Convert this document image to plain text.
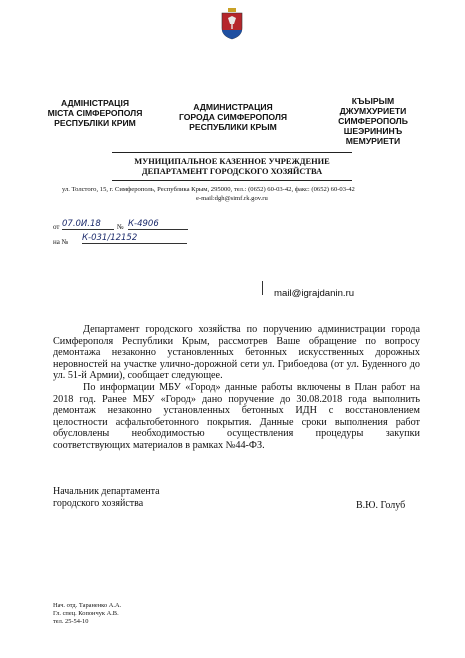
АДМІНІСТРАЦІЯ
МІСТА СІМФЕРОПОЛЯ
РЕСПУБЛІКИ КРИМ
АДМИНИСТРАЦИЯ
ГОРОДА СИМФЕРОПОЛЯ
РЕСПУБЛИКИ КРЫМ
КЪЫРЫМ
ДЖУМХУРИЕТИ
СИМФЕРОПОЛЬ
ШЕЭРИНИНЪ
МЕМУРИЕТИ
МУНИЦИПАЛЬНОЕ КАЗЕННОЕ УЧРЕЖДЕНИЕ
ДЕПАРТАМЕНТ ГОРОДСКОГО ХОЗЯЙСТВА
ул. Толстого, 15, г. Симферополь, Республика Крым, 295000, тел.: (0652) 60-03-42, факс: (0652) 60-03-42
e-mail:dgh@simf.rk.gov.ru
от 07.0И.18	№ К-4906
на № К-031/12152
mail@igrajdanin.ru
Департамент городского хозяйства по поручению администрации города Симферополя Республики Крым, рассмотрев Ваше обращение по вопросу демонтажа незаконно установленных бетонных искусственных дорожных неровностей на участке улично-дорожной сети ул. Грибоедова (от ул. Буденного до ул. 51-й Армии), сообщает следующее.
По информации МБУ «Город» данные работы включены в План работ на 2018 год. Ранее МБУ «Город» дано поручение до 30.08.2018 года выполнить демонтаж незаконно установленных бетонных ИДН с восстановлением целостности асфальтобетонного покрытия. Данные сроки выполнения работ обусловлены необходимостью осуществления процедуры закупки соответствующих материалов в рамках №44-ФЗ.
Начальник департамента
городского хозяйства	В.Ю. Голуб
Нач. отд. Тараненко А.А.
Гл. спец. Копончук А.В.
тел. 25-54-10
